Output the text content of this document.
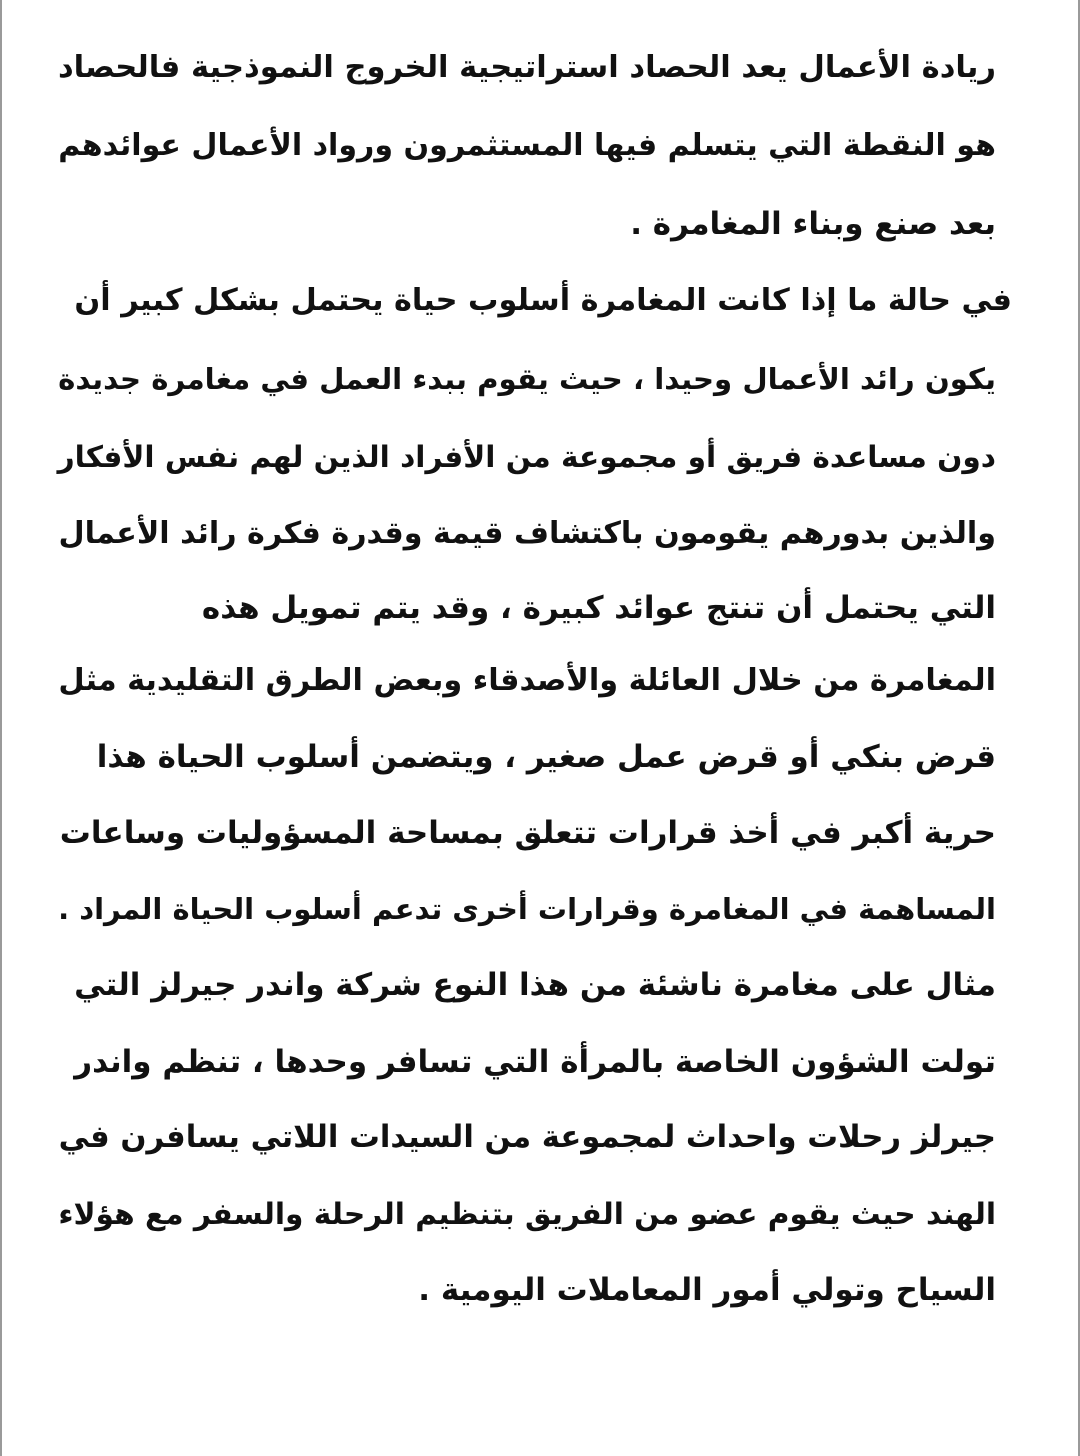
ريادة الأعمال يعد الحصاد استراتيجية الخروج النموذجية فالحصاد
هو النقطة التي يتسلم فيها المستثمرون ورواد الأعمال عوائدهم
بعد صنع وبناء المغامرة .
في حالة ما إذا كانت المغامرة أسلوب حياة يحتمل بشكل كبير أن
يكون رائد الأعمال وحيدا ، حيث يقوم ببدء العمل في مغامرة جديدة
دون مساعدة فريق أو مجموعة من الأفراد الذين لهم نفس الأفكار
والذين بدورهم يقومون باكتشاف قيمة وقدرة فكرة رائد الأعمال
التي يحتمل أن تنتج عوائد كبيرة ، وقد يتم تمويل هذه
المغامرة من خلال العائلة والأصدقاء وبعض الطرق التقليدية مثل
قرض بنكي أو قرض عمل صغير ، ويتضمن أسلوب الحياة هذا
حرية أكبر في أخذ قرارات تتعلق بمساحة المسؤوليات وساعات
المساهمة في المغامرة وقرارات أخرى تدعم أسلوب الحياة المراد .
مثال على مغامرة ناشئة من هذا النوع شركة واندر جيرلز التي
تولت الشؤون الخاصة بالمرأة التي تسافر وحدها ، تنظم واندر
جيرلز رحلات واحداث لمجموعة من السيدات اللاتي يسافرن في
الهند حيث يقوم عضو من الفريق بتنظيم الرحلة والسفر مع هؤلاء
السياح وتولي أمور المعاملات اليومية .
